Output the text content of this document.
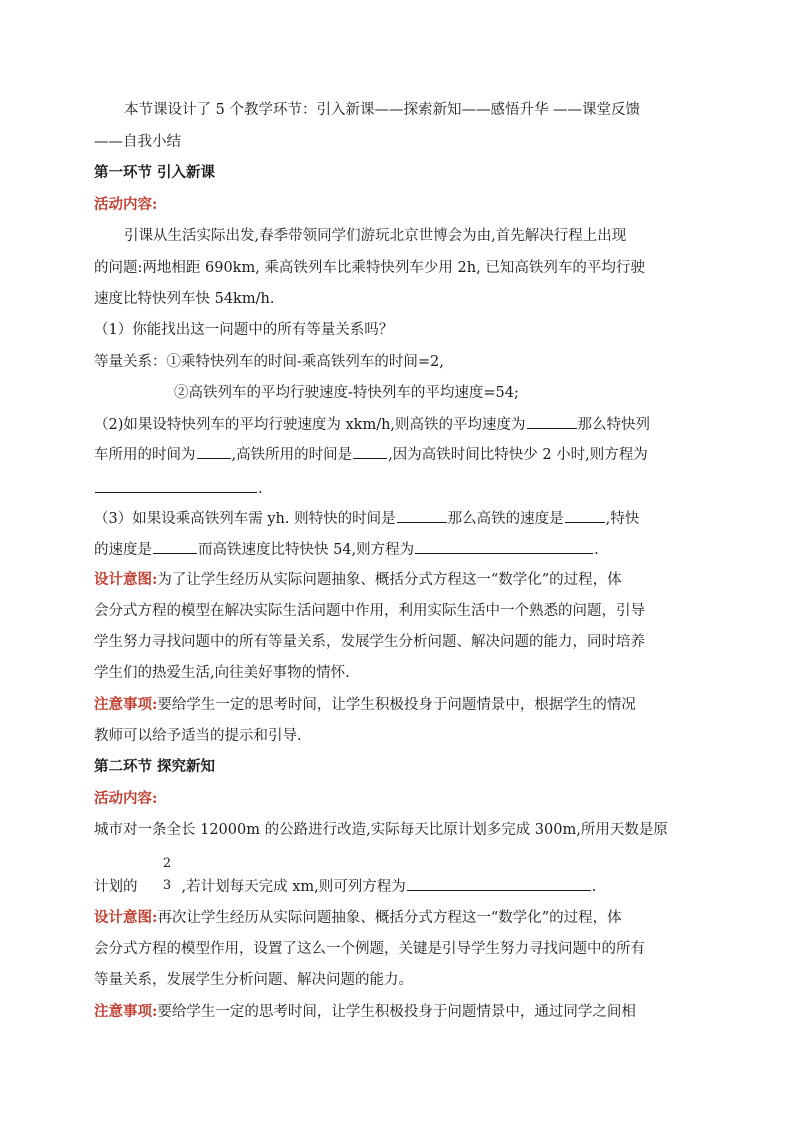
本节课设计了 5 个教学环节：引入新课——探索新知——感悟升华 ——课堂反馈
——自我小结
第一环节 引入新课
活动内容:
引课从生活实际出发,春季带领同学们游玩北京世博会为由,首先解决行程上出现
的问题:两地相距 690km, 乘高铁列车比乘特快列车少用 2h, 已知高铁列车的平均行驶
速度比特快列车快 54km/h.
（1）你能找出这一问题中的所有等量关系吗？
等量关系：①乘特快列车的时间-乘高铁列车的时间=2,
②高铁列车的平均行驶速度-特快列车的平均速度=54;
（2)如果设特快列车的平均行驶速度为 xkm/h,则高铁的平均速度为	那么特快列
车所用的时间为 ,高铁所用的时间是 ,因为高铁时间比特快少 2 小时,则方程为
.
（3）如果设乘高铁列车需 yh. 则特快的时间是	那么高铁的速度是	,特快
的速度是	而高铁速度比特快快 54,则方程为	.
设计意图:为了让学生经历从实际问题抽象、概括分式方程这一“数学化”的过程，体
会分式方程的模型在解决实际生活问题中作用，利用实际生活中一个熟悉的问题，引导
学生努力寻找问题中的所有等量关系，发展学生分析问题、解决问题的能力，同时培养
学生们的热爱生活,向往美好事物的情怀.
注意事项:要给学生一定的思考时间，让学生积极投身于问题情景中，根据学生的情况
教师可以给予适当的提示和引导.
第二环节 探究新知
活动内容:
城市对一条全长 12000m 的公路进行改造,实际每天比原计划多完成 300m,所用天数是原
2
3
计划的	,若计划每天完成 xm,则可列方程为	.
设计意图:再次让学生经历从实际问题抽象、概括分式方程这一“数学化”的过程，体
会分式方程的模型作用，设置了这么一个例题，关键是引导学生努力寻找问题中的所有
等量关系，发展学生分析问题、解决问题的能力。
注意事项:要给学生一定的思考时间，让学生积极投身于问题情景中，通过同学之间相
